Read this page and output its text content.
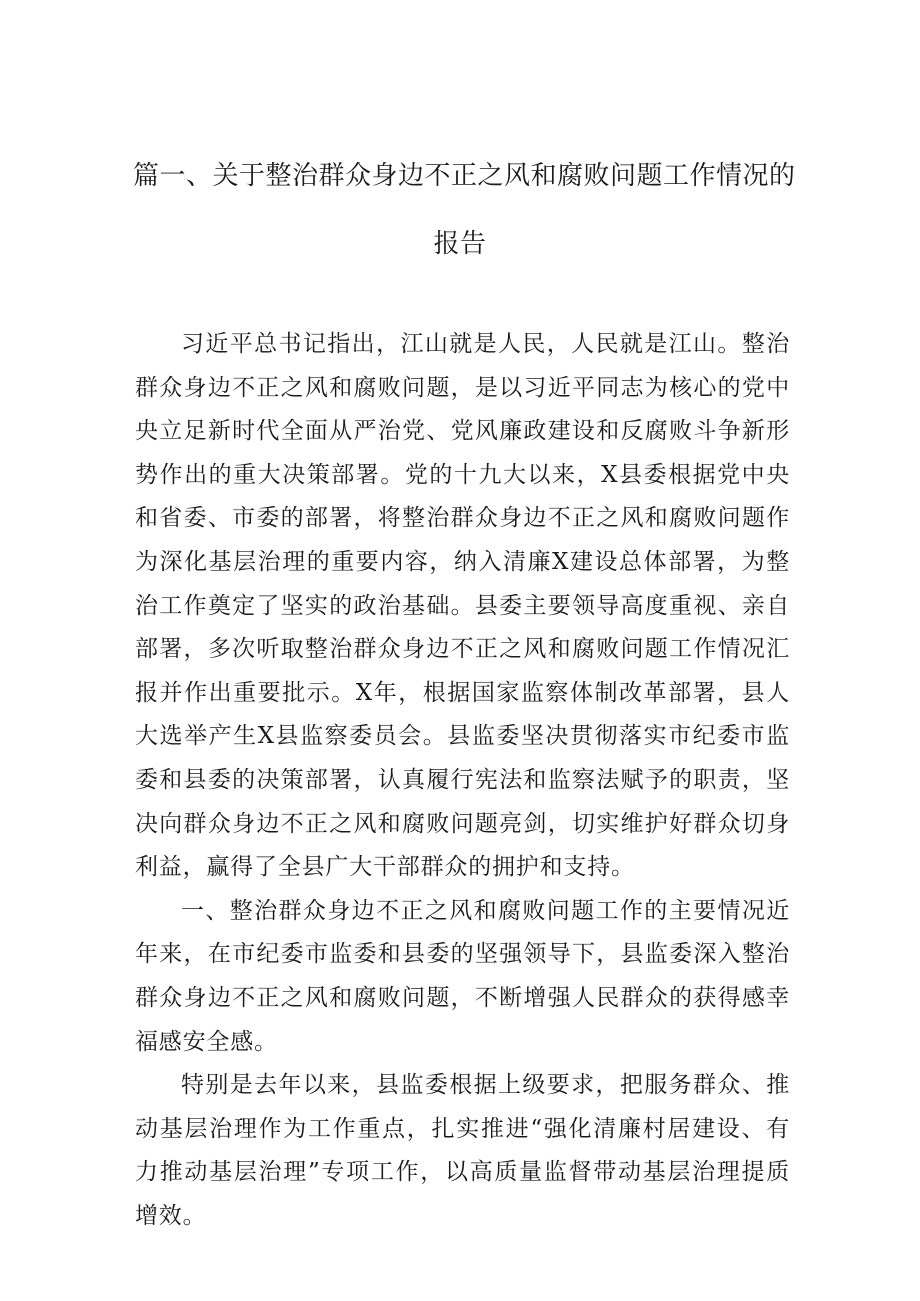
篇一、关于整治群众身边不正之风和腐败问题工作情况的
报告

习近平总书记指出，江山就是人民，人民就是江山。整治群众身边不正之风和腐败问题，是以习近平同志为核心的党中央立足新时代全面从严治党、党风廉政建设和反腐败斗争新形势作出的重大决策部署。党的十九大以来，X县委根据党中央和省委、市委的部署，将整治群众身边不正之风和腐败问题作为深化基层治理的重要内容，纳入清廉X建设总体部署，为整治工作奠定了坚实的政治基础。县委主要领导高度重视、亲自部署，多次听取整治群众身边不正之风和腐败问题工作情况汇报并作出重要批示。X年，根据国家监察体制改革部署，县人大选举产生X县监察委员会。县监委坚决贯彻落实市纪委市监委和县委的决策部署，认真履行宪法和监察法赋予的职责，坚决向群众身边不正之风和腐败问题亮剑，切实维护好群众切身利益，赢得了全县广大干部群众的拥护和支持。

一、整治群众身边不正之风和腐败问题工作的主要情况近年来，在市纪委市监委和县委的坚强领导下，县监委深入整治群众身边不正之风和腐败问题，不断增强人民群众的获得感幸福感安全感。

特别是去年以来，县监委根据上级要求，把服务群众、推动基层治理作为工作重点，扎实推进“强化清廉村居建设、有力推动基层治理”专项工作，以高质量监督带动基层治理提质增效。
